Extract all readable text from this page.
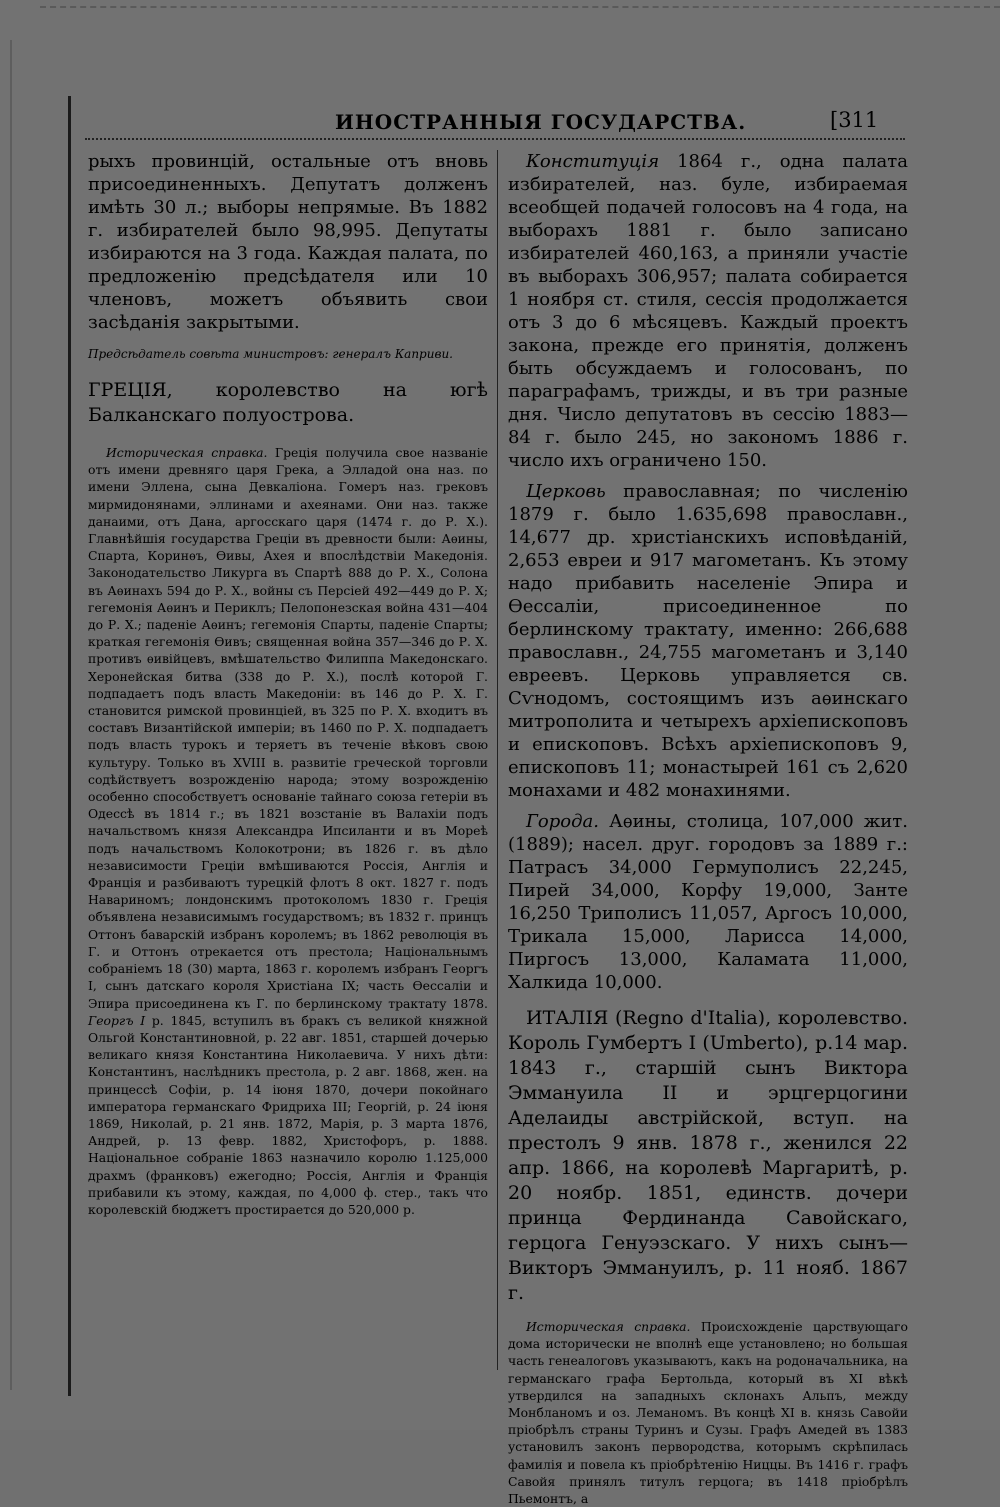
ИНОСТРАННЫЯ ГОСУДАРСТВА.	[311

рыхъ провинцій, остальные отъ вновь присоединенныхъ. Депутатъ долженъ имѣть 30 л.; выборы непрямые. Въ 1882 г. избирателей было 98,995. Депутаты избираются на 3 года. Каждая палата, по предложенію предсѣдателя или 10 членовъ, можетъ объявить свои засѣданія закрытыми.

Предсѣдатель совѣта министровъ: генералъ Каприви.

ГРЕЦІЯ, королевство на югѣ Балканскаго полуострова.

Историческая справка. Греція получила свое названіе отъ имени древняго царя Грека, а Элладой она наз. по имени Эллена, сына Девкаліона. Гомеръ наз. грековъ мирмидонянами, эллинами и ахеянами. Они наз. также данаими, отъ Дана, аргосскаго царя (1474 г. до Р. Х.). Главнѣйшія государства Греціи въ древности были: Аѳины, Спарта, Коринѳъ, Ѳивы, Ахея и впослѣдствіи Македонія. Законодательство Ликурга въ Спартѣ 888 до Р. Х., Солона въ Аѳинахъ 594 до Р. Х., войны съ Персіей 492—449 до Р. Х; гегемонія Аѳинъ и Периклъ; Пелопонезская война 431—404 до Р. Х.; паденіе Аѳинъ; гегемонія Спарты, паденіе Спарты; краткая гегемонія Ѳивъ; священная война 357—346 до Р. Х. противъ ѳивійцевъ, вмѣшательство Филиппа Македонскаго. Херонейская битва (338 до Р. Х.), послѣ которой Г. подпадаетъ подъ власть Македоніи: въ 146 до Р. Х. Г. становится римской провинціей, въ 325 по Р. Х. входитъ въ составъ Византійской имперіи; въ 1460 по Р. Х. подпадаетъ подъ власть турокъ и теряетъ въ теченіе вѣковъ свою культуру. Только въ XVIII в. развитіе греческой торговли содѣйствуетъ возрожденію народа; этому возрожденію особенно способствуетъ основаніе тайнаго союза гетеріи въ Одессѣ въ 1814 г.; въ 1821 возстаніе въ Валахіи подъ начальствомъ князя Александра Ипсиланти и въ Морeѣ подъ начальствомъ Колокотрони; въ 1826 г. въ дѣло независимости Греціи вмѣшиваются Россія, Англія и Франція и разбиваютъ турецкій флотъ 8 окт. 1827 г. подъ Навариномъ; лондонскимъ протоколомъ 1830 г. Греція объявлена независимымъ государствомъ; въ 1832 г. принцъ Оттонъ баварскій избранъ королемъ; въ 1862 революція въ Г. и Оттонъ отрекается отъ престола; Національнымъ собраніемъ 18 (30) марта, 1863 г. королемъ избранъ Георгъ I, сынъ датскаго короля Христіана IX; часть Ѳессаліи и Эпира присоединена къ Г. по берлинскому трактату 1878. Георгъ I р. 1845, вступилъ въ бракъ съ великой княжной Ольгой Константиновной, р. 22 авг. 1851, старшей дочерью великаго князя Константина Николаевича. У нихъ дѣти: Константинъ, наслѣдникъ престола, р. 2 авг. 1868, жен. на принцессѣ Софіи, р. 14 іюня 1870, дочери покойнаго императора германскаго Фридриха III; Георгій, р. 24 іюня 1869, Николай, р. 21 янв. 1872, Марія, р. 3 марта 1876, Андрей, р. 13 февр. 1882, Христофоръ, р. 1888. Національное собраніе 1863 назначило королю 1.125,000 драхмъ (франковъ) ежегодно; Россія, Англія и Франція прибавили къ этому, каждая, по 4,000 ф. стер., такъ что королевскій бюджетъ простирается до 520,000 р.

Конституція 1864 г., одна палата избирателей, наз. буле, избираемая всеобщей подачей голосовъ на 4 года, на выборахъ 1881 г. было записано избирателей 460,163, а приняли участіе въ выборахъ 306,957; палата собирается 1 ноября ст. стиля, сессія продолжается отъ 3 до 6 мѣсяцевъ. Каждый проектъ закона, прежде его принятія, долженъ быть обсуждаемъ и голосованъ, по параграфамъ, трижды, и въ три разные дня. Число депутатовъ въ сессію 1883—84 г. было 245, но закономъ 1886 г. число ихъ ограничено 150.

Церковь православная; по численію 1879 г. было 1.635,698 православн., 14,677 др. христіанскихъ исповѣданій, 2,653 евреи и 917 магометанъ. Къ этому надо прибавить населеніе Эпира и Ѳессаліи, присоединенное по берлинскому трактату, именно: 266,688 православн., 24,755 магометанъ и 3,140 евреевъ. Церковь управляется св. Сѵнодомъ, состоящимъ изъ аѳинскаго митрополита и четырехъ архіепископовъ и епископовъ. Всѣхъ архіепископовъ 9, епископовъ 11; монастырей 161 съ 2,620 монахами и 482 монахинями.

Города. Аѳины, столица, 107,000 жит. (1889); насел. друг. городовъ за 1889 г.: Патрасъ 34,000 Гермуполисъ 22,245, Пирей 34,000, Корфу 19,000, Занте 16,250 Триполисъ 11,057, Аргосъ 10,000, Трикала 15,000, Ларисса 14,000, Пиргосъ 13,000, Каламата 11,000, Халкида 10,000.

ИТАЛІЯ (Regno d'Italia), королевство. Король Гумбертъ I (Umberto), р.14 мар. 1843 г., старшій сынъ Виктора Эммануила II и эрцгерцогини Аделаиды австрійской, вступ. на престолъ 9 янв. 1878 г., женился 22 апр. 1866, на королевѣ Маргаритѣ, р. 20 ноябр. 1851, единств. дочери принца Фердинанда Савойскаго, герцога Генуэзскаго. У нихъ сынъ—Викторъ Эммануилъ, р. 11 нояб. 1867 г.

Историческая справка. Происхожденіе царствующаго дома исторически не вполнѣ еще установлено; но большая часть генеалоговъ указываютъ, какъ на родоначальника, на германскаго графа Бертольда, который въ XI вѣкѣ утвердился на западныхъ склонахъ Альпъ, между Монбланомъ и оз. Леманомъ. Въ концѣ XI в. князь Савойи пріобрѣлъ страны Туринъ и Сузы. Графъ Амедей въ 1383 установилъ законъ первородства, которымъ скрѣпилась фамилія и повела къ пріобрѣтенію Ниццы. Въ 1416 г. графъ Савойя принялъ титулъ герцога; въ 1418 пріобрѣлъ Пьемонтъ, а
